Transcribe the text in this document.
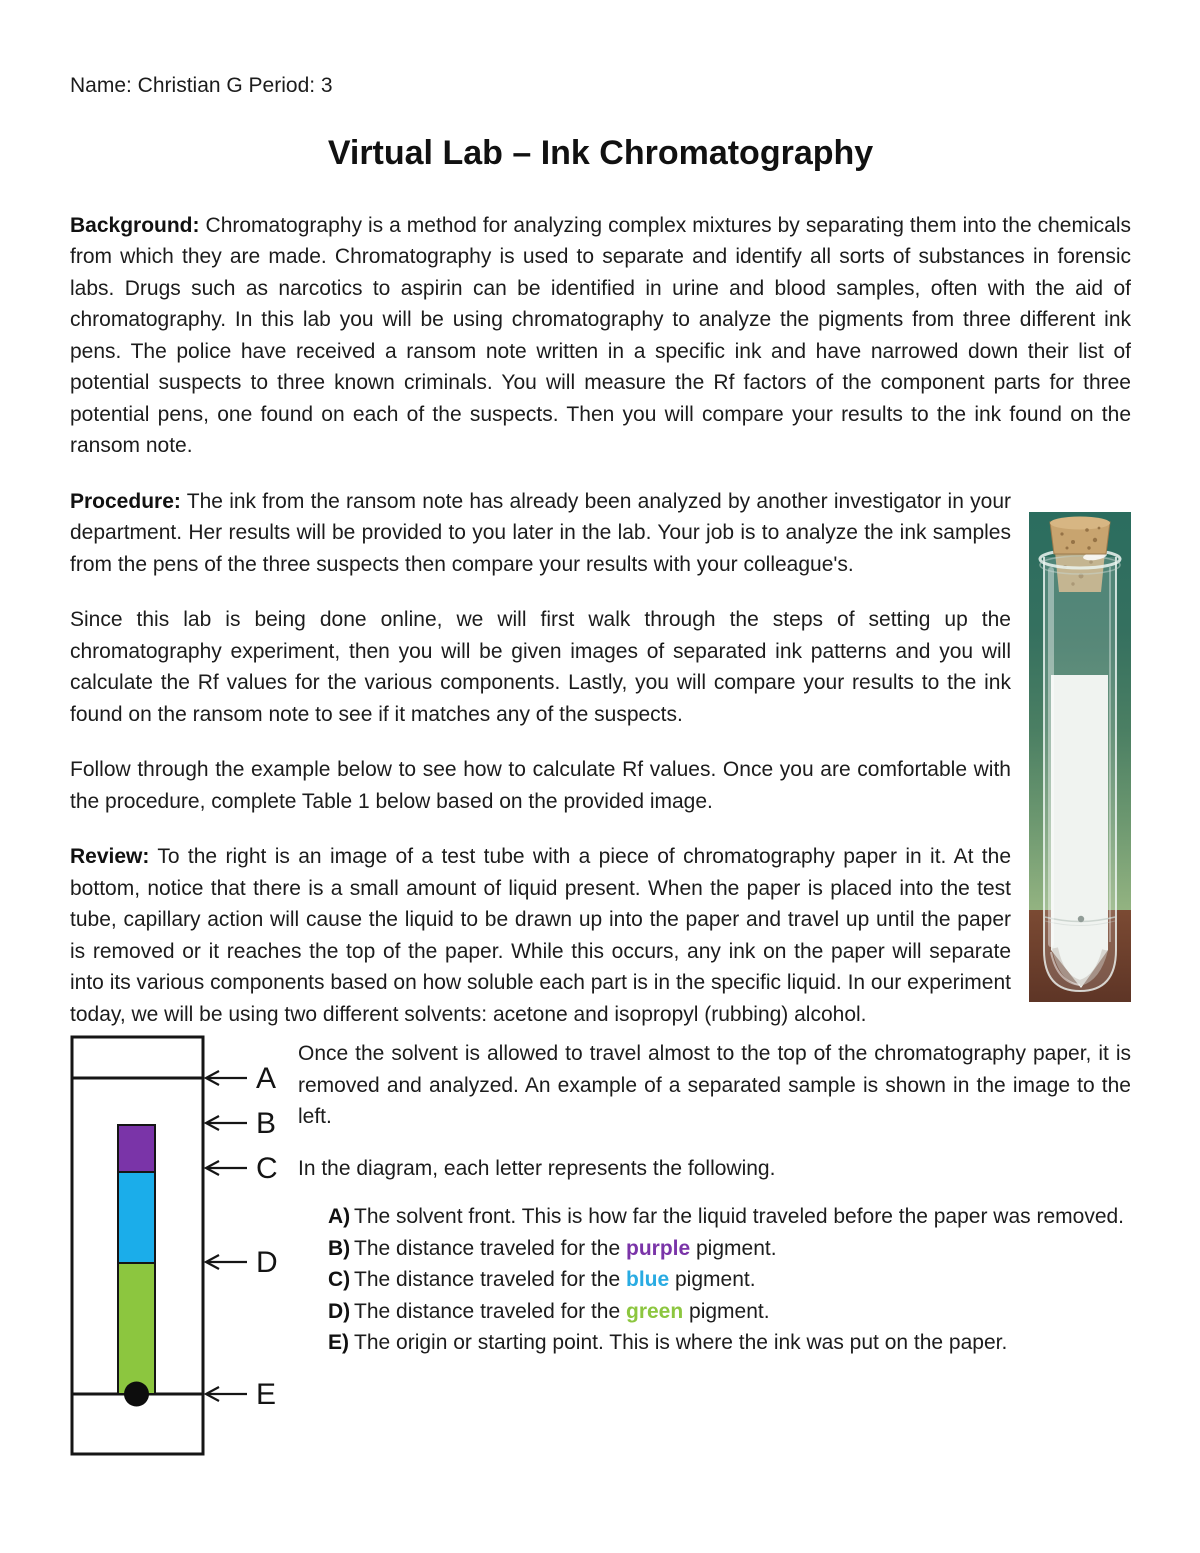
Name: Christian G Period: 3

Virtual Lab – Ink Chromatography

Background: Chromatography is a method for analyzing complex mixtures by separating them into the chemicals from which they are made. Chromatography is used to separate and identify all sorts of substances in forensic labs. Drugs such as narcotics to aspirin can be identified in urine and blood samples, often with the aid of chromatography. In this lab you will be using chromatography to analyze the pigments from three different ink pens. The police have received a ransom note written in a specific ink and have narrowed down their list of potential suspects to three known criminals. You will measure the Rf factors of the component parts for three potential pens, one found on each of the suspects. Then you will compare your results to the ink found on the ransom note.

Procedure: The ink from the ransom note has already been analyzed by another investigator in your department. Her results will be provided to you later in the lab. Your job is to analyze the ink samples from the pens of the three suspects then compare your results with your colleague's.

Since this lab is being done online, we will first walk through the steps of setting up the chromatography experiment, then you will be given images of separated ink patterns and you will calculate the Rf values for the various components. Lastly, you will compare your results to the ink found on the ransom note to see if it matches any of the suspects.

Follow through the example below to see how to calculate Rf values. Once you are comfortable with the procedure, complete Table 1 below based on the provided image.

Review: To the right is an image of a test tube with a piece of chromatography paper in it. At the bottom, notice that there is a small amount of liquid present. When the paper is placed into the test tube, capillary action will cause the liquid to be drawn up into the paper and travel up until the paper is removed or it reaches the top of the paper. While this occurs, any ink on the paper will separate into its various components based on how soluble each part is in the specific liquid. In our experiment today, we will be using two different solvents: acetone and isopropyl (rubbing) alcohol.

A
B
C
D
E

Once the solvent is allowed to travel almost to the top of the chromatography paper, it is removed and analyzed. An example of a separated sample is shown in the image to the left.

In the diagram, each letter represents the following.

A) The solvent front. This is how far the liquid traveled before the paper was removed.
B) The distance traveled for the purple pigment.
C) The distance traveled for the blue pigment.
D) The distance traveled for the green pigment.
E) The origin or starting point. This is where the ink was put on the paper.
